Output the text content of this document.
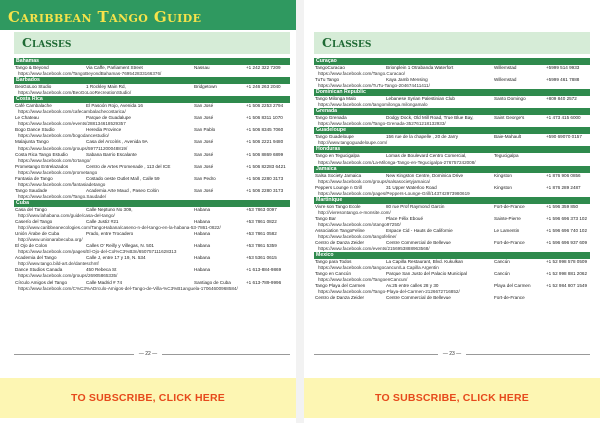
Caribbean Tango Guide
Classes
Bahamas
Tango & Beyond	Via Caffe, Parliament Street	Nassau	+1 242 322 7209
https://www.facebook.com/TangoBeyondBahamas-769542833166376/
Barbados
BeoGoLoo Studio	1 Rockley Main Rd,	Bridgetown	+1 246 263 2040
https://www.facebook.com/BeoGoLooRecreationStudio/
Costa Rica
Café Cambalache	El Pasoón Rojo, Avenida 16	San José	+1 506 2253 2794
https://www.facebook.com/cafecambalachecostarica/
Le Chateau	Parque de Guadalupe	San José	+1 506 8311 1070
https://www.facebook.com/events/288134618529357
Bogo Dance Studio	Heredia Province	San Pablo	+1 506 8345 7060
https://www.facebook.com/bogodancestudio/
Malajunta Tango	Casa del Arcoíris , Avenida 9A	San José	+1 506 2221 9480
https://www.facebook.com/groups/597711200048819/
Costa Rica Tango Estudio	Sabana Barrio Escalante	San José	+1 506 8869 6899
https://www.facebook.com/tcrtango/
Prometango Entrelazados	Centro de Artes Promenade , 113 del ICE	San José	+1 506 82283 6421
https://www.facebook.com/prometango
Fantasia de Tango	Costado oeste Outlet Mall , Calle 59	San Pedro	+1 506 2280 3173
https://www.facebook.com/fantasiadetango
Tango Saudade	Academia Arte Maud , Paseo Colón	San José	+1 506 2280 3173
https://www.facebook.com/Tango.Saudade/
Cuba
Casa del Tango	Calle Neptuno No 309,	Habana	+53 7863 0097
http://www.lahabana.com/guide/casa-del-tango/
Caserío del Tango	Calle Justiz #21	Habana	+53 7861 0822
http://www.caribbeanecologies.com/TangoHabana/caseno-n-del-tango-en-la-habana-53-7861-0822/
Unión Árabe de Cuba	Prado, entre Trocadero	Habana	+53 7861 0582
http://www.unionarabecuba.org/
El Ojo de Colon	Calles O' Reilly y Villegas, N. 501	Habana	+53 7861 5359
https://www.facebook.com/pages/El-Ojo-del-Col%C3%B3n/650757111628313
Academia del Tango	Calle J, entre 17 y 19, N. 534	Habana	+53 5361 0615
http://www.tango.bild-art.de/danteschmf
Dance Studios Canada	450 Rebeca St	Habana	+1 613-884-9869
https://www.facebook.com/groups/26905865335/
Círculo Amigos del Tango	Calle Madrid # 74	Santiago de Cuba	+1 613-789-9996
https://www.facebook.com/C%C3%ADrculo-Amigos-del-Tango-de-Villa-%C3%B1anguela-17064600968584/
— 22 —
TO SUBSCRIBE, CLICK HERE
Classes
Curaçao
TangoCuracao	Brionplein 1 Otrabanda Waterfort	Willemstad	+5999 514 9933
https://www.facebook.com/Tango.Curacao/
TuTu Tango	Kaya Jamb Mensing	Willemstad	+5999 461 7888
https://www.facebook.com/TuTu-Tango-204674411411/
Dominican Republic
Tango Milonga Malo	Lebanese Syrian Palestinian Club	Santo Domingo	+809 840 2572
https://www.facebook.com/tangomilonga.milongamalo
Grenada
Tango Grenada	Dodgy Dock, Old Mill Road, True Blue Bay,	Saint George's	+1 473 415 6000
https://www.facebook.com/Tango-Grenada-352761218132933/
Guadeloupe
Tango Guadeloupe	156 rue de la chapelle , 20 de Jarry	Baie-Mahault	+590 69070 0157
http://www.tangoguadeloupe.com/
Honduras
Tango en Tegucigalpa	Lomas de Boulevard Centro Comercial,	Tegucigalpa
https://www.facebook.com/La-Milonga-Tango-en-Tegucigalpa-276757242008/
Jamaica
Salsa Society Jamaica	New Kingston Centre, Dominica Drive	Kingston	+1 876 906 0856
https://www.facebook.com/groups/salsasocietyjamaica/
Peppers Lounge n Grill	31 Upper Waterloo Road	Kingston	+1 876 289 2487
https://www.facebook.com/pages/Peppers-Lounge-Grill/143742973980619
Martinique
Vivre son Tango Ecole	80 rue Prof Raymond Garcin	Fort-de-France	+1 596 359 850
http://vivresontango.e-monsite.com/
Tango Bar	Place Félix Eboué	Sainte-Pierre	+1 596 696 373 102
https://www.facebook.com/otango97250/
Association TangoFeline	Espace Cid - Hauts de Californie	Le Lamentin	+1 596 696 740 102
https://www.facebook.com/tangofeline/
Centro de Danza Zeider	Centre Commercial de Bellevue	Fort-de-France	+1 596 696 937 609
https://www.facebook.com/events/2156953888963568/
Mexico
Tango para Todos	La Capilla Restaurant, Blvd. Kukulkan	Cancún	+1 52 998 578 0509
https://www.facebook.com/tangocancun/La Capilla Argentin
Tango en Cancún	Parque San Justo del Palacio Municipal	Cancún	+1 52 998 881 2062
https://www.facebook.com/TangoenCancun/
Tango Playa del Carmen	Av.25 entre calles 28 y 30	Playa del Carmen	+1 52 984 807 1549
https://www.facebook.com/Tango-Playa-del-Carmen-2126672716852/
Centro de Danza Zeider	Centre Commercial de Bellevue	Fort-de-France
— 23 —
TO SUBSCRIBE, CLICK HERE
